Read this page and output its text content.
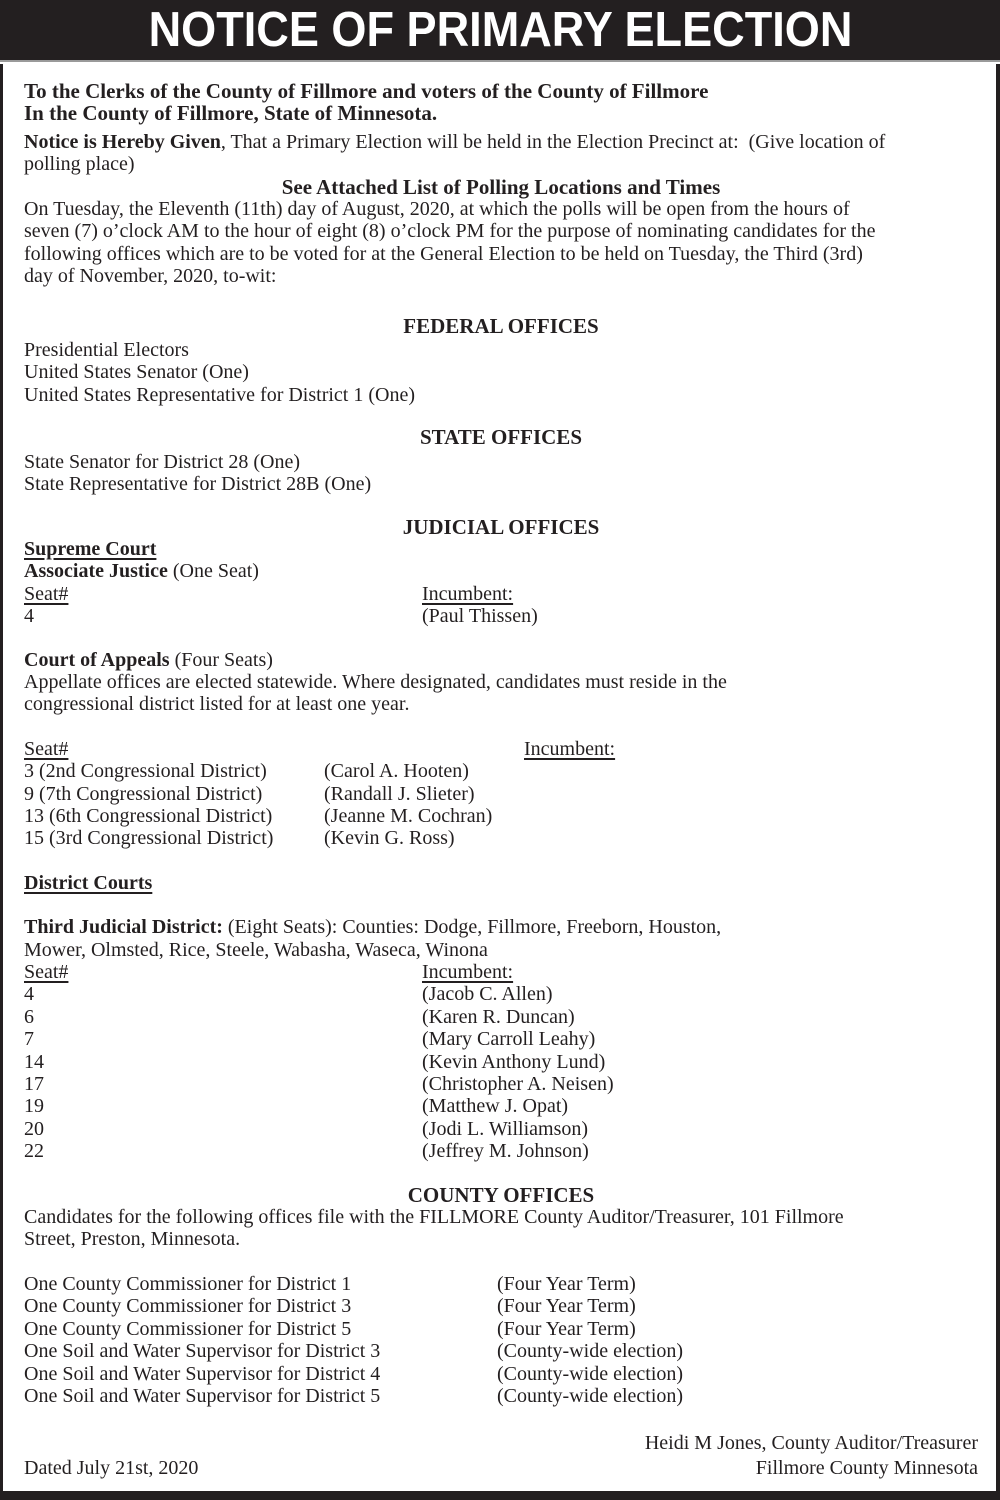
NOTICE OF PRIMARY ELECTION
To the Clerks of the County of Fillmore and voters of the County of Fillmore
In the County of Fillmore, State of Minnesota.
Notice is Hereby Given, That a Primary Election will be held in the Election Precinct at:  (Give location of
polling place)
See Attached List of Polling Locations and Times
On Tuesday, the Eleventh (11th) day of August, 2020, at which the polls will be open from the hours of
seven (7) o’clock AM to the hour of eight (8) o’clock PM for the purpose of nominating candidates for the
following offices which are to be voted for at the General Election to be held on Tuesday, the Third (3rd)
day of November, 2020, to-wit:
FEDERAL OFFICES
Presidential Electors
United States Senator (One)
United States Representative for District 1 (One)
STATE OFFICES
State Senator for District 28 (One)
State Representative for District 28B (One)
JUDICIAL OFFICES
Supreme Court
Associate Justice (One Seat)
Seat#	Incumbent:
4	(Paul Thissen)
Court of Appeals (Four Seats)
Appellate offices are elected statewide. Where designated, candidates must reside in the
congressional district listed for at least one year.
Seat#	Incumbent:
3 (2nd Congressional District)	(Carol A. Hooten)
9 (7th Congressional District)	(Randall J. Slieter)
13 (6th Congressional District)	(Jeanne M. Cochran)
15 (3rd Congressional District)	(Kevin G. Ross)
District Courts
Third Judicial District: (Eight Seats): Counties: Dodge, Fillmore, Freeborn, Houston,
Mower, Olmsted, Rice, Steele, Wabasha, Waseca, Winona
Seat#	Incumbent:
4	(Jacob C. Allen)
6	(Karen R. Duncan)
7	(Mary Carroll Leahy)
14	(Kevin Anthony Lund)
17	(Christopher A. Neisen)
19	(Matthew J. Opat)
20	(Jodi L. Williamson)
22	(Jeffrey M. Johnson)
COUNTY OFFICES
Candidates for the following offices file with the FILLMORE County Auditor/Treasurer, 101 Fillmore
Street, Preston, Minnesota.
One County Commissioner for District 1	(Four Year Term)
One County Commissioner for District 3	(Four Year Term)
One County Commissioner for District 5	(Four Year Term)
One Soil and Water Supervisor for District 3	(County-wide election)
One Soil and Water Supervisor for District 4	(County-wide election)
One Soil and Water Supervisor for District 5	(County-wide election)
Heidi M Jones, County Auditor/Treasurer
Dated July 21st, 2020	Fillmore County Minnesota
